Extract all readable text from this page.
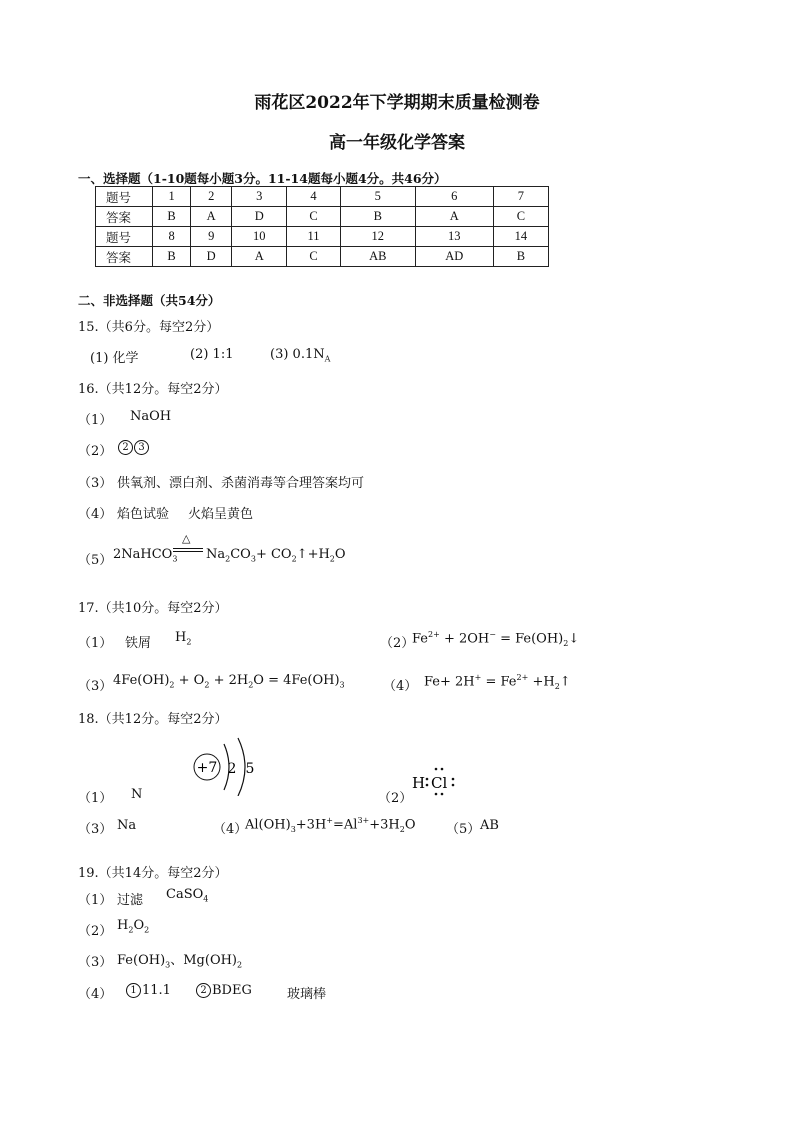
雨花区2022年下学期期末质量检测卷
高一年级化学答案
一、选择题（1-10题每小题3分。11-14题每小题4分。共46分）
题号	1	2	3	4	5	6	7
答案	B	A	D	C	B	A	C
题号	8	9	10	11	12	13	14
答案	B	D	A	C	AB	AD	B
二、非选择题（共54分）
15.（共6分。每空2分）
(1) 化学	(2) 1:1	(3) $0.1N_A$
16.（共12分。每空2分）
（1） NaOH
（2）	2 3
（3） 供氧剂、漂白剂、杀菌消毒等合理答案均可
（4） 焰色试验 火焰呈黄色
（5） 2NaHCO$_3$
△
$Na_2CO_3+$ $CO_2↑+H_2O$
17.（共10分。每空2分）
（1） 铁屑 $H_2$	（2）
$Fe^{2+} + 2OH^-$ = $Fe(OH)_2↓$
（3） $4Fe(OH)_2 + O_2 + 2H_2O = 4Fe(OH)_3$	（4） $Fe+ 2H^+ = Fe^{2+}$ $+H_2↑$
18.（共12分。每空2分）
+7 2 5
（1） N	（2）
H Cl
（3） Na	（4）
$Al(OH)_3+3H^+=Al^{3+}+3H_2O$ （5） AB
19.（共14分。每空2分）
（1） 过滤 CaSO$_4$
（2） $H_2O_2$
（3） $Fe(OH)_3$、$Mg(OH)_2$
（4）	1 11.1	2 BDEG	玻璃棒
